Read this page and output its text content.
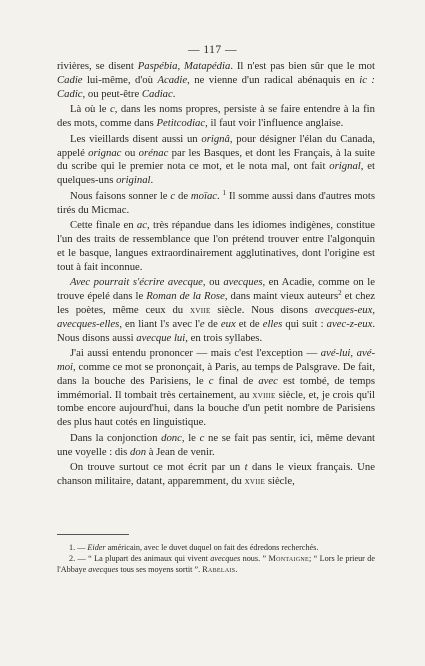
— 117 —

rivières, se disent Paspébia, Matapédia. Il n'est pas bien sûr que le mot Cadie lui-même, d'où Acadie, ne vienne d'un radical abénaquis en ic : Cadic, ou peut-être Cadiac.

Là où le c, dans les noms propres, persiste à se faire entendre à la fin des mots, comme dans Petitcodiac, il faut voir l'influence anglaise.

Les vieillards disent aussi un orignâ, pour désigner l'élan du Canada, appelé orignac ou orénac par les Basques, et dont les Français, à la suite du scribe qui le premier nota ce mot, et le nota mal, ont fait orignal, et quelques-uns original.

Nous faisons sonner le c de moïac. $^1$ Il somme aussi dans d'autres mots tirés du Micmac.

Cette finale en ac, très répandue dans les idiomes indigènes, constitue l'un des traits de ressemblance que l'on prétend trouver entre l'algonquin et le basque, langues extraordinairement agglutinatives, dont l'origine est tout à fait inconnue.

Avec pourrait s'écrire avecque, ou avecques, en Acadie, comme on le trouve épelé dans le Roman de la Rose, dans maint vieux auteurs$^2$ et chez les poètes, même ceux du xviie siècle. Nous disons avecques-eux, avecques-elles, en liant l's avec l'e de eux et de elles qui suit : avec-z-eux. Nous disons aussi avecque lui, en trois syllabes.

J'ai aussi entendu prononcer — mais c'est l'exception — avé-lui, avé-moi, comme ce mot se prononçait, à Paris, au temps de Palsgrave. De fait, dans la bouche des Parisiens, le c final de avec est tombé, de temps immémorial. Il tombait très certainement, au xviiie siècle, et, je crois qu'il tombe encore aujourd'hui, dans la bouche d'un petit nombre de Parisiens des plus haut cotés en linguistique.

Dans la conjonction donc, le c ne se fait pas sentir, ici, même devant une voyelle : dis don à Jean de venir.

On trouve surtout ce mot écrit par un t dans le vieux français. Une chanson militaire, datant, apparemment, du xviie siècle,

1. — Eider américain, avec le duvet duquel on fait des édredons recherchés.

2. — “ La plupart des animaux qui vivent avecques nous. ” Montaigne; “ Lors le prieur de l'Abbaye avecques tous ses moyens sortit ”. Rabelais.
